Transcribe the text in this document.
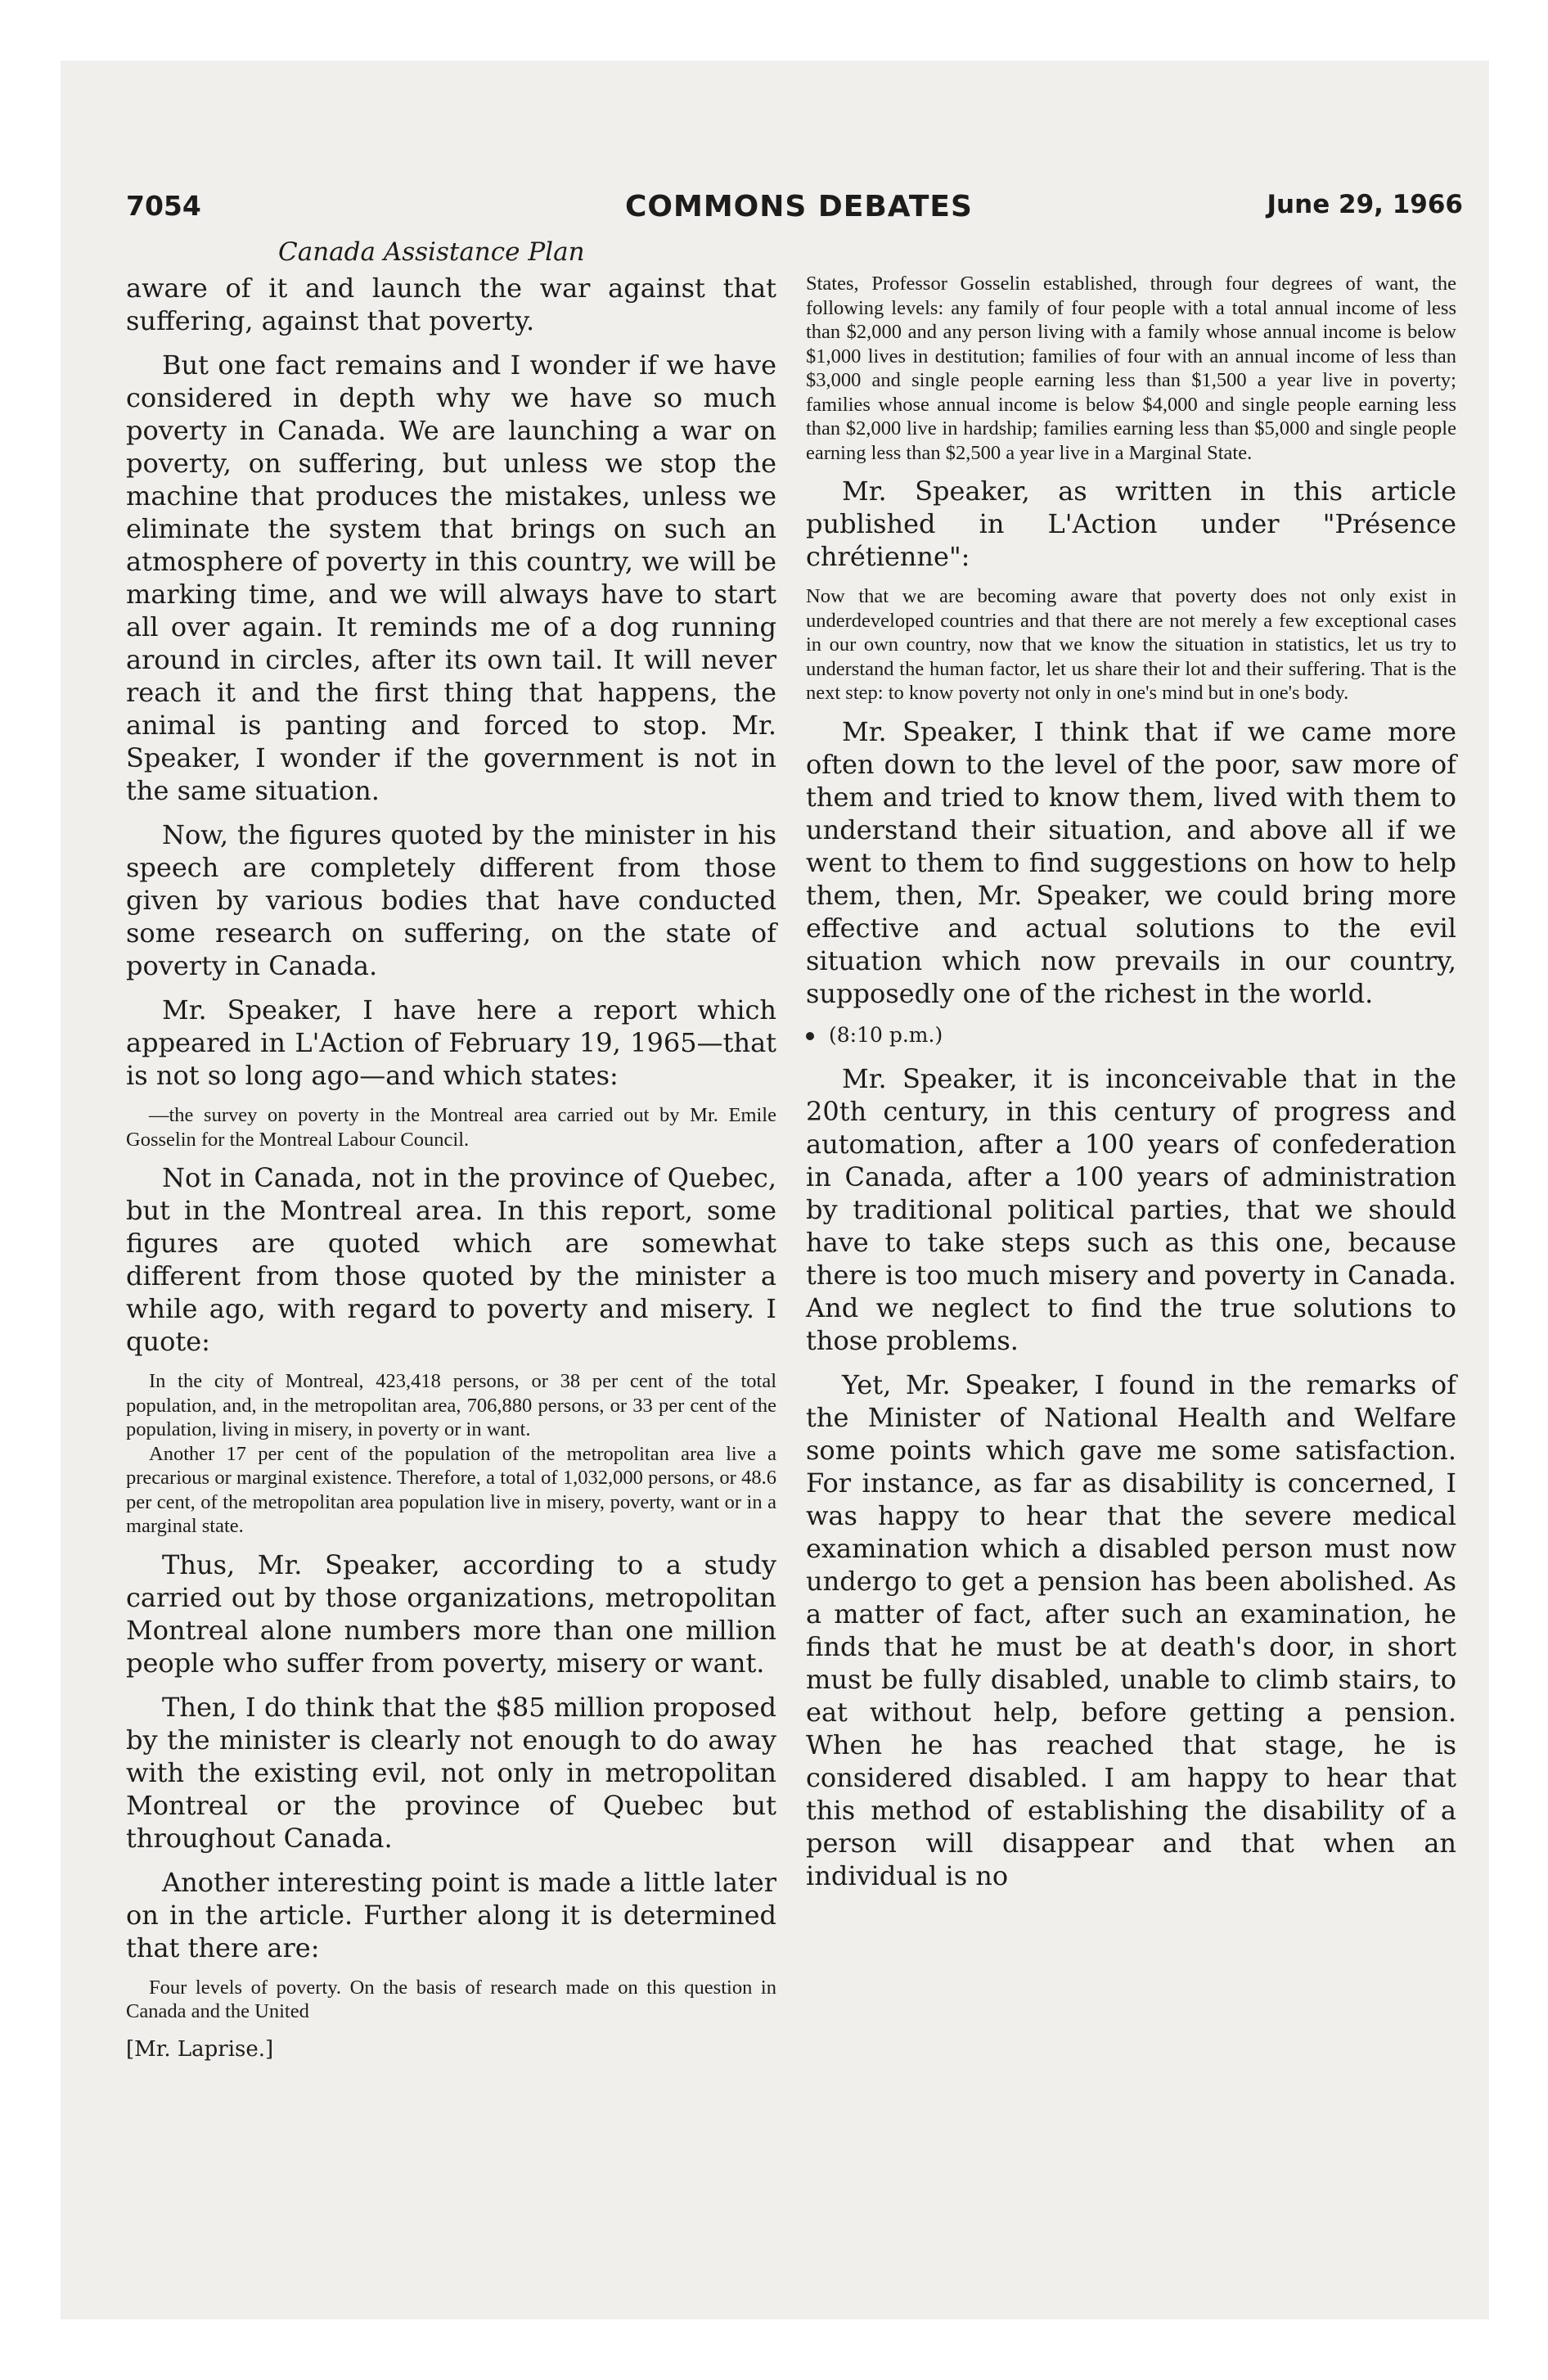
7054	COMMONS DEBATES	June 29, 1966
Canada Assistance Plan

aware of it and launch the war against that suffering, against that poverty.

But one fact remains and I wonder if we have considered in depth why we have so much poverty in Canada. We are launching a war on poverty, on suffering, but unless we stop the machine that produces the mistakes, unless we eliminate the system that brings on such an atmosphere of poverty in this country, we will be marking time, and we will always have to start all over again. It reminds me of a dog running around in circles, after its own tail. It will never reach it and the first thing that happens, the animal is panting and forced to stop. Mr. Speaker, I wonder if the government is not in the same situation.

Now, the figures quoted by the minister in his speech are completely different from those given by various bodies that have conducted some research on suffering, on the state of poverty in Canada.

Mr. Speaker, I have here a report which appeared in L'Action of February 19, 1965—that is not so long ago—and which states:

—the survey on poverty in the Montreal area carried out by Mr. Emile Gosselin for the Montreal Labour Council.

Not in Canada, not in the province of Quebec, but in the Montreal area. In this report, some figures are quoted which are somewhat different from those quoted by the minister a while ago, with regard to poverty and misery. I quote:

In the city of Montreal, 423,418 persons, or 38 per cent of the total population, and, in the metropolitan area, 706,880 persons, or 33 per cent of the population, living in misery, in poverty or in want.

Another 17 per cent of the population of the metropolitan area live a precarious or marginal existence. Therefore, a total of 1,032,000 persons, or 48.6 per cent, of the metropolitan area population live in misery, poverty, want or in a marginal state.

Thus, Mr. Speaker, according to a study carried out by those organizations, metropolitan Montreal alone numbers more than one million people who suffer from poverty, misery or want.

Then, I do think that the $85 million proposed by the minister is clearly not enough to do away with the existing evil, not only in metropolitan Montreal or the province of Quebec but throughout Canada.

Another interesting point is made a little later on in the article. Further along it is determined that there are:

Four levels of poverty. On the basis of research made on this question in Canada and the United

[Mr. Laprise.]

States, Professor Gosselin established, through four degrees of want, the following levels: any family of four people with a total annual income of less than $2,000 and any person living with a family whose annual income is below $1,000 lives in destitution; families of four with an annual income of less than $3,000 and single people earning less than $1,500 a year live in poverty; families whose annual income is below $4,000 and single people earning less than $2,000 live in hardship; families earning less than $5,000 and single people earning less than $2,500 a year live in a Marginal State.

Mr. Speaker, as written in this article published in L'Action under "Présence chrétienne":

Now that we are becoming aware that poverty does not only exist in underdeveloped countries and that there are not merely a few exceptional cases in our own country, now that we know the situation in statistics, let us try to understand the human factor, let us share their lot and their suffering. That is the next step: to know poverty not only in one's mind but in one's body.

Mr. Speaker, I think that if we came more often down to the level of the poor, saw more of them and tried to know them, lived with them to understand their situation, and above all if we went to them to find suggestions on how to help them, then, Mr. Speaker, we could bring more effective and actual solutions to the evil situation which now prevails in our country, supposedly one of the richest in the world.

(8:10 p.m.)

Mr. Speaker, it is inconceivable that in the 20th century, in this century of progress and automation, after a 100 years of confederation in Canada, after a 100 years of administration by traditional political parties, that we should have to take steps such as this one, because there is too much misery and poverty in Canada. And we neglect to find the true solutions to those problems.

Yet, Mr. Speaker, I found in the remarks of the Minister of National Health and Welfare some points which gave me some satisfaction. For instance, as far as disability is concerned, I was happy to hear that the severe medical examination which a disabled person must now undergo to get a pension has been abolished. As a matter of fact, after such an examination, he finds that he must be at death's door, in short must be fully disabled, unable to climb stairs, to eat without help, before getting a pension. When he has reached that stage, he is considered disabled. I am happy to hear that this method of establishing the disability of a person will disappear and that when an individual is no
